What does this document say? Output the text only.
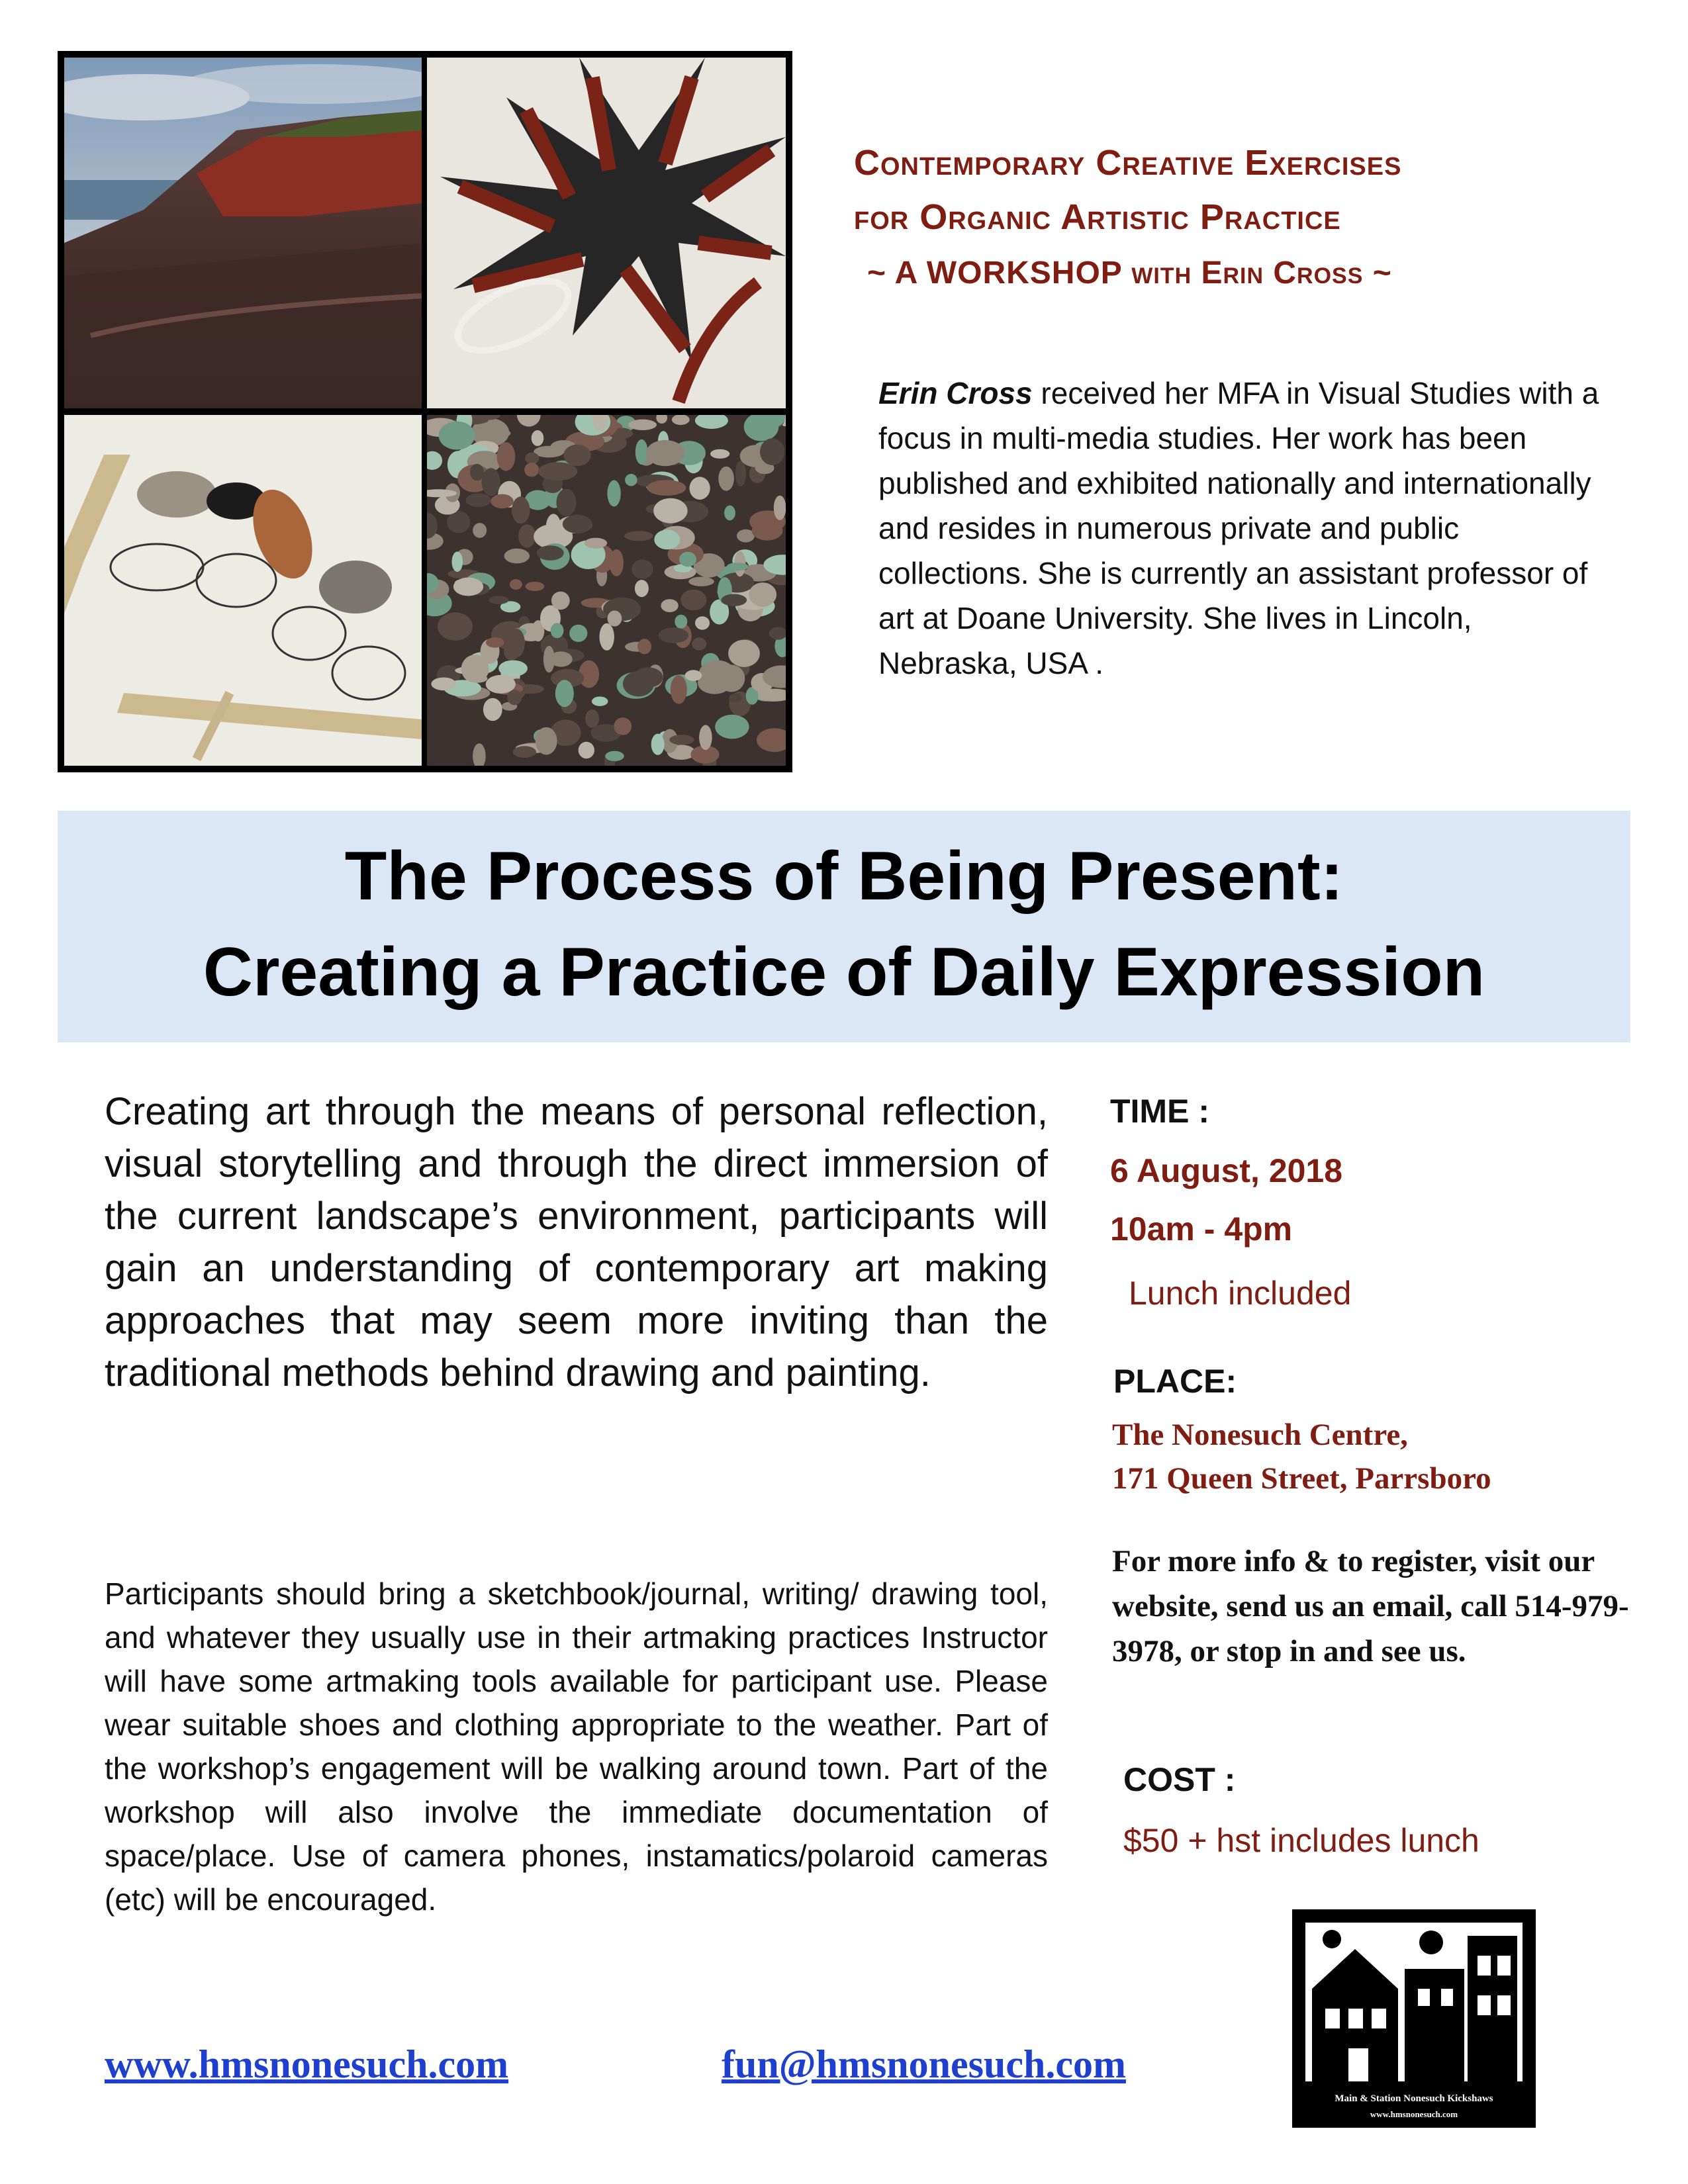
Contemporary Creative Exercises
for Organic Artistic Practice
~ A WORKSHOP with Erin Cross ~
Erin Cross received her MFA in Visual Studies with a focus in multi-media studies. Her work has been published and exhibited nationally and internationally and resides in numerous private and public collections. She is currently an assistant professor of art at Doane University. She lives in Lincoln, Nebraska, USA .
The Process of Being Present:
Creating a Practice of Daily Expression
Creating art through the means of personal reflection, visual storytelling and through the direct immersion of the current landscape’s environment, participants will gain an understanding of contemporary art making approaches that may seem more inviting than the traditional methods behind drawing and painting.
Participants should bring a sketchbook/journal, writing/ drawing tool, and whatever they usually use in their artmaking practices Instructor will have some artmaking tools available for participant use. Please wear suitable shoes and clothing appropriate to the weather. Part of the workshop’s engagement will be walking around town. Part of the workshop will also involve the immediate documentation of space/place. Use of camera phones, instamatics/polaroid cameras (etc) will be encouraged.
TIME :
6 August, 2018
10am - 4pm
Lunch included
PLACE:
The Nonesuch Centre,
171 Queen Street, Parrsboro
For more info & to register, visit our website, send us an email, call 514-979-3978, or stop in and see us.
COST :
$50 + hst includes lunch
www.hmsnonesuch.com	fun@hmsnonesuch.com
Main & Station Nonesuch Kickshaws
www.hmsnonesuch.com
